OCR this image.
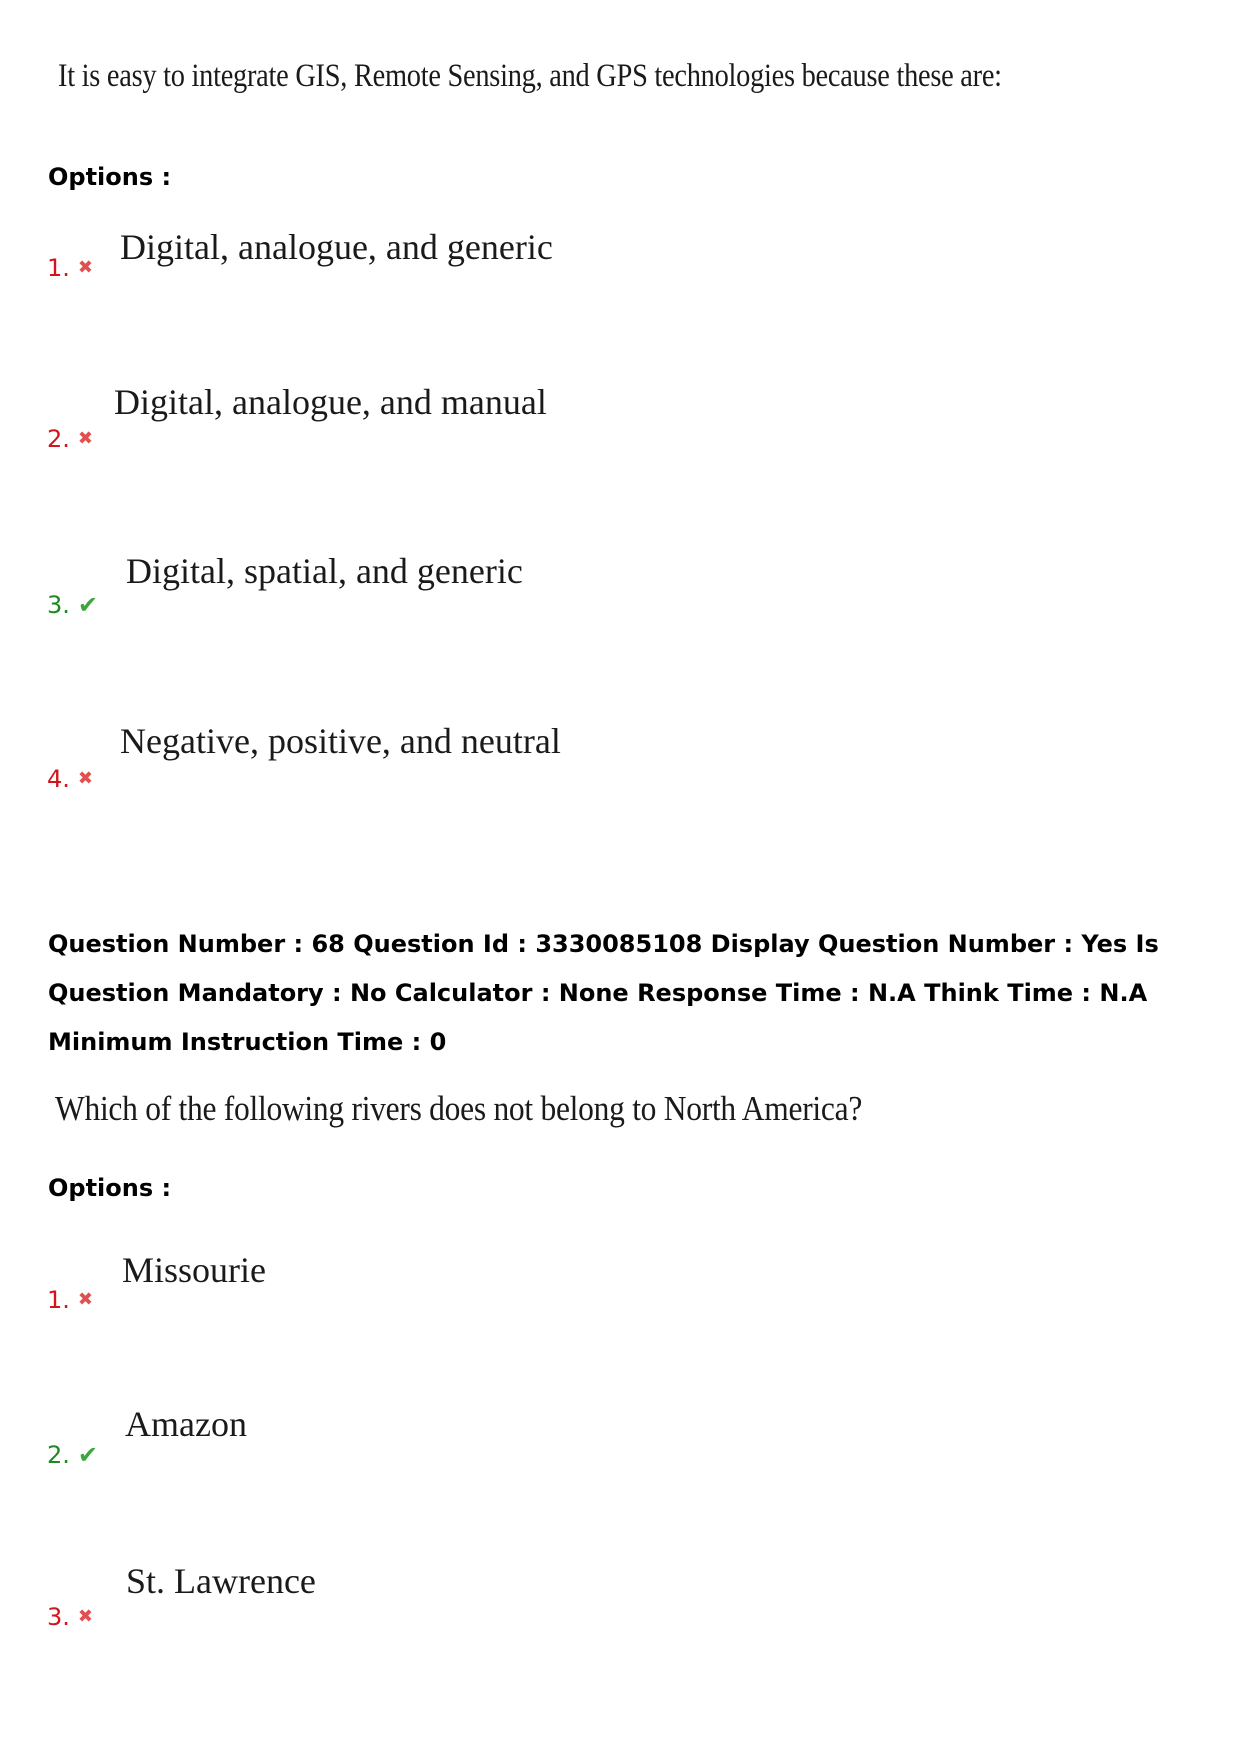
It is easy to integrate GIS, Remote Sensing, and GPS technologies because these are:
Options :
Digital, analogue, and generic
1. ✖
Digital, analogue, and manual
2. ✖
Digital, spatial, and generic
3. ✔
Negative, positive, and neutral
4. ✖
Question Number : 68 Question Id : 3330085108 Display Question Number : Yes Is Question Mandatory : No Calculator : None Response Time : N.A Think Time : N.A Minimum Instruction Time : 0
Which of the following rivers does not belong to North America?
Options :
Missourie
1. ✖
Amazon
2. ✔
St. Lawrence
3. ✖
